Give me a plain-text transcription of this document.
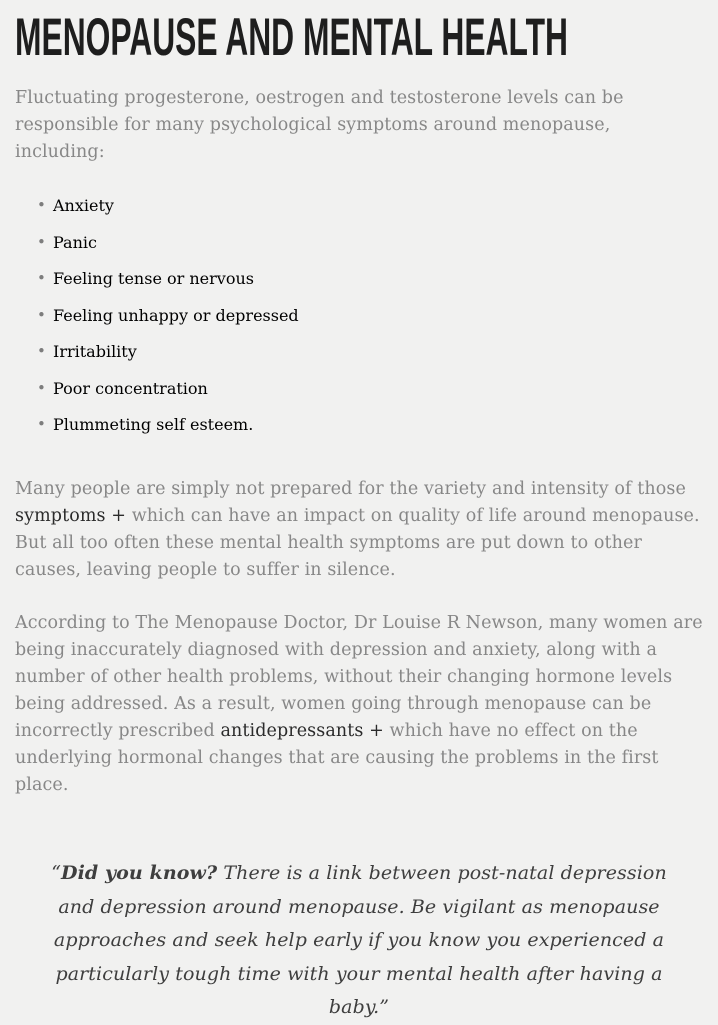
MENOPAUSE AND MENTAL HEALTH

Fluctuating progesterone, oestrogen and testosterone levels can be responsible for many psychological symptoms around menopause, including:

• Anxiety
• Panic
• Feeling tense or nervous
• Feeling unhappy or depressed
• Irritability
• Poor concentration
• Plummeting self esteem.

Many people are simply not prepared for the variety and intensity of those symptoms + which can have an impact on quality of life around menopause. But all too often these mental health symptoms are put down to other causes, leaving people to suffer in silence.

According to The Menopause Doctor, Dr Louise R Newson, many women are being inaccurately diagnosed with depression and anxiety, along with a number of other health problems, without their changing hormone levels being addressed. As a result, women going through menopause can be incorrectly prescribed antidepressants + which have no effect on the underlying hormonal changes that are causing the problems in the first place.

“Did you know? There is a link between post-natal depression and depression around menopause. Be vigilant as menopause approaches and seek help early if you know you experienced a particularly tough time with your mental health after having a baby.”
